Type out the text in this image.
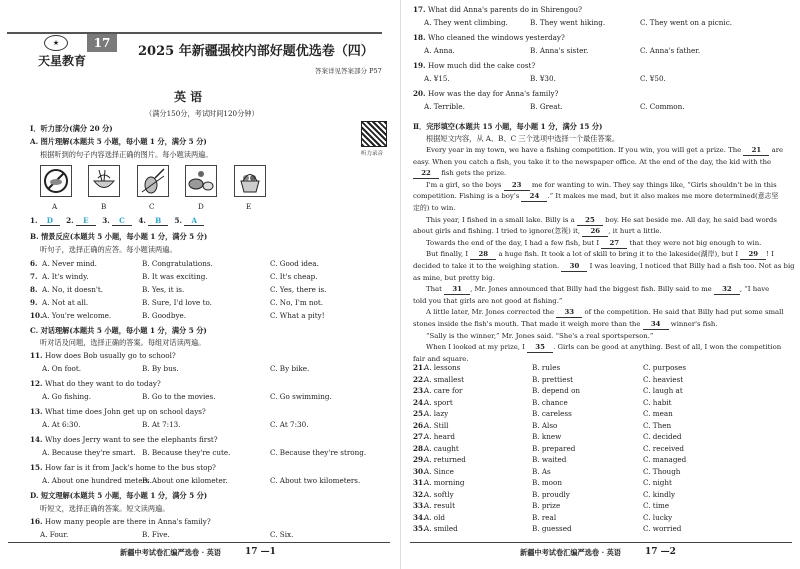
★
天星教育
17
2025 年新疆强校内部好题优选卷（四）
答案详见答案部分 P57
英 语
（满分150分，考试时间120分钟）
听力录音
Ⅰ．听力部分(满分 20 分)
A. 图片理解(本题共 5 小题，每小题 1 分，满分 5 分)
根据听到的句子内容选择正确的图片。每小题读两遍。
A	B	C	D	E
1. D 2. E 3. C 4. B 5. A
B. 情景反应(本题共 5 小题，每小题 1 分，满分 5 分)
听句子，选择正确的应答。每小题读两遍。
6. A. Never mind.	B. Congratulations.	C. Good idea.
7. A. It's windy.	B. It was exciting.	C. It's cheap.
8. A. No, it doesn't.	B. Yes, it is.	C. Yes, there is.
9. A. Not at all.	B. Sure, I'd love to.	C. No, I'm not.
10. A. You're welcome.	B. Goodbye.	C. What a pity!
C. 对话理解(本题共 5 小题，每小题 1 分，满分 5 分)
听对话及问题，选择正确的答案。每组对话读两遍。
11. How does Bob usually go to school?
A. On foot.	B. By bus.	C. By bike.
12. What do they want to do today?
A. Go fishing.	B. Go to the movies.	C. Go swimming.
13. What time does John get up on school days?
A. At 6:30.	B. At 7:13.	C. At 7:30.
14. Why does Jerry want to see the elephants first?
A. Because they're smart. B. Because they're cute.	C. Because they're strong.
15. How far is it from Jack's home to the bus stop?
A. About one hundred meters.
B. About one kilometer.	C. About two kilometers.
D. 短文理解(本题共 5 小题，每小题 1 分，满分 5 分)
听短文，选择正确的答案。短文读两遍。
16. How many people are there in Anna's family?
A. Four.	B. Five.	C. Six.
新疆中考试卷汇编严选卷 · 英语	17 —1
17. What did Anna's parents do in Shirengou?
A. They went climbing.	B. They went hiking.	C. They went on a picnic.
18. Who cleaned the windows yesterday?
A. Anna.	B. Anna's sister.	C. Anna's father.
19. How much did the cake cost?
A. ¥15.	B. ¥30.	C. ¥50.
20. How was the day for Anna's family?
A. Terrible.	B. Great.	C. Common.
Ⅱ．完形填空(本题共 15 小题，每小题 1 分，满分 15 分)
根据短文内容，从 A、B、C 三个选项中选择一个最佳答案。
Every year in my town, we have a fishing competition. If you win, you will get a prize. The 21 are
easy. When you catch a fish, you take it to the newspaper office. At the end of the day, the kid with the
22 fish gets the prize.
I'm a girl, so the boys 23 me for wanting to win. They say things like, “Girls shouldn't be in this
competition. Fishing is a boy's 24 .” It makes me mad, but it also makes me more determined(意志坚
定的) to win.
This year, I fished in a small lake. Billy is a 25 boy. He sat beside me. All day, he said bad words
about girls and fishing. I tried to ignore(忽视) it, 26 , it hurt a little.
Towards the end of the day, I had a few fish, but I 27 that they were not big enough to win.
But finally, I 28 a huge fish. It took a lot of skill to bring it to the lakeside(湖岸), but I 29 ! I
decided to take it to the weighing station. 30 I was leaving, I noticed that Billy had a fish too. Not as big
as mine, but pretty big.
That 31 , Mr. Jones announced that Billy had the biggest fish. Billy said to me 32 , “I have
told you that girls are not good at fishing.”
A little later, Mr. Jones corrected the 33 of the competition. He said that Billy had put some small
stones inside the fish's mouth. That made it weigh more than the 34 winner's fish.
“Sally is the winner,” Mr. Jones said. “She's a real sportsperson.”
When I looked at my prize, I 35 . Girls can be good at anything. Best of all, I won the competition
fair and square.
21.
A. lessons	B. rules	C. purposes
22.
A. smallest	B. prettiest	C. heaviest
23.
A. care for	B. depend on	C. laugh at
24.
A. sport	B. chance	C. habit
25.
A. lazy	B. careless	C. mean
26.
A. Still	B. Also	C. Then
27.
A. heard	B. knew	C. decided
28.
A. caught	B. prepared	C. received
29.
A. returned	B. waited	C. managed
30.
A. Since	B. As	C. Though
31.
A. morning	B. moon	C. night
32.
A. softly	B. proudly	C. kindly
33.
A. result	B. prize	C. time
34.
A. old	B. real	C. lucky
35.
A. smiled	B. guessed	C. worried
新疆中考试卷汇编严选卷 · 英语	17 —2
